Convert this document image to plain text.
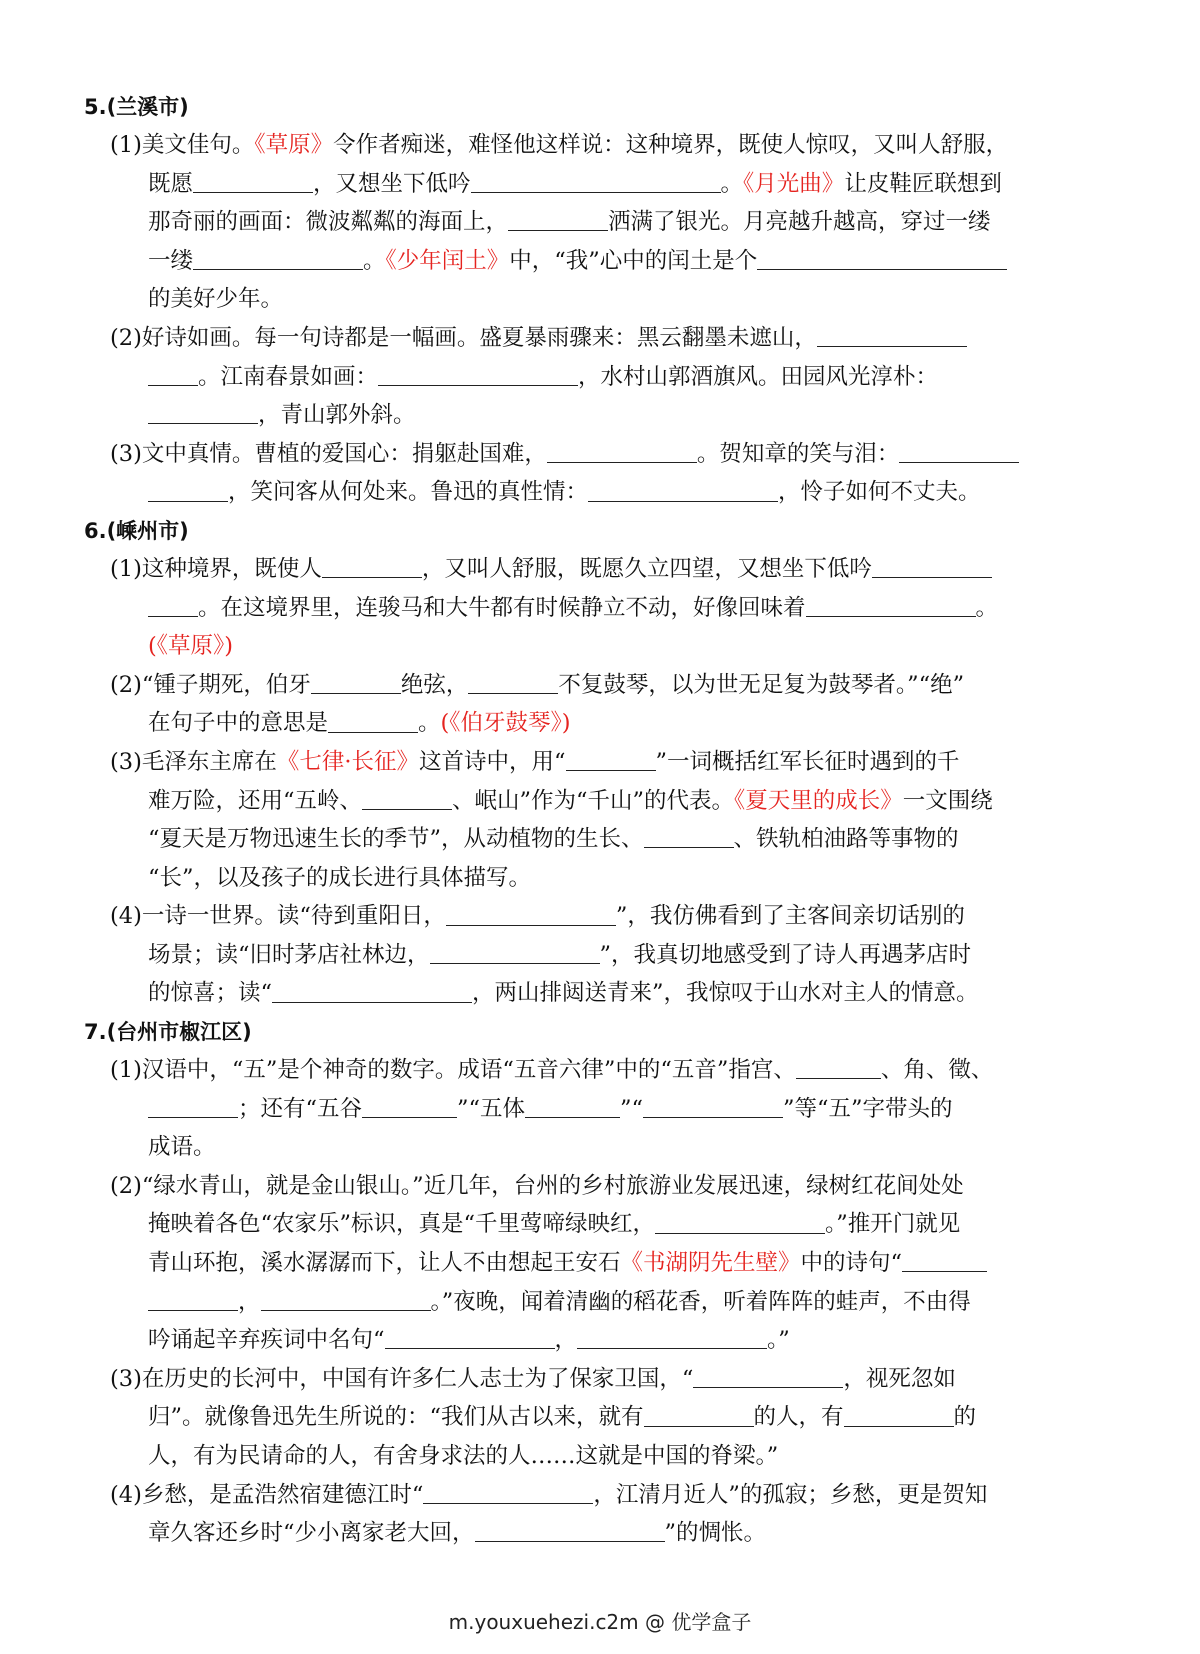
5.(兰溪市)
(1)美文佳句。《草原》令作者痴迷，难怪他这样说：这种境界，既使人惊叹，又叫人舒服，
既愿	，又想坐下低吟	。《月光曲》让皮鞋匠联想到
那奇丽的画面：微波粼粼的海面上，	洒满了银光。月亮越升越高，穿过一缕
一缕	。《少年闰土》中，“我”心中的闰土是个
的美好少年。
(2)好诗如画。每一句诗都是一幅画。盛夏暴雨骤来：黑云翻墨未遮山，
。江南春景如画：	，水村山郭酒旗风。田园风光淳朴：
，青山郭外斜。
(3)文中真情。曹植的爱国心：捐躯赴国难，	。贺知章的笑与泪：
，笑问客从何处来。鲁迅的真性情：	，怜子如何不丈夫。
6.(嵊州市)
(1)这种境界，既使人	，又叫人舒服，既愿久立四望，又想坐下低吟
。在这境界里，连骏马和大牛都有时候静立不动，好像回味着	。
(《草原》)
(2)“锺子期死，伯牙	绝弦，	不复鼓琴，以为世无足复为鼓琴者。”“绝”
在句子中的意思是	。(《伯牙鼓琴》)
(3)毛泽东主席在《七律·长征》这首诗中，用“	”一词概括红军长征时遇到的千
难万险，还用“五岭、	、岷山”作为“千山”的代表。《夏天里的成长》一文围绕
“夏天是万物迅速生长的季节”，从动植物的生长、	、铁轨柏油路等事物的
“长”，以及孩子的成长进行具体描写。
(4)一诗一世界。读“待到重阳日，	”，我仿佛看到了主客间亲切话别的
场景；读“旧时茅店社林边，	”，我真切地感受到了诗人再遇茅店时
的惊喜；读“	，两山排闼送青来”，我惊叹于山水对主人的情意。
7.(台州市椒江区)
(1)汉语中，“五”是个神奇的数字。成语“五音六律”中的“五音”指宫、	、角、徵、
；还有“五谷	”“五体	”“	”等“五”字带头的
成语。
(2)“绿水青山，就是金山银山。”近几年，台州的乡村旅游业发展迅速，绿树红花间处处
掩映着各色“农家乐”标识，真是“千里莺啼绿映红，	。”推开门就见
青山环抱，溪水潺潺而下，让人不由想起王安石《书湖阴先生壁》中的诗句“
，	。”夜晚，闻着清幽的稻花香，听着阵阵的蛙声，不由得
吟诵起辛弃疾词中名句“	，	。”
(3)在历史的长河中，中国有许多仁人志士为了保家卫国，“	，视死忽如
归”。就像鲁迅先生所说的：“我们从古以来，就有	的人，有	的
人，有为民请命的人，有舍身求法的人……这就是中国的脊梁。”
(4)乡愁，是孟浩然宿建德江时“	，江清月近人”的孤寂；乡愁，更是贺知
章久客还乡时“少小离家老大回，	”的惆怅。
m.youxuehezi.c2m @ 优学盒子
